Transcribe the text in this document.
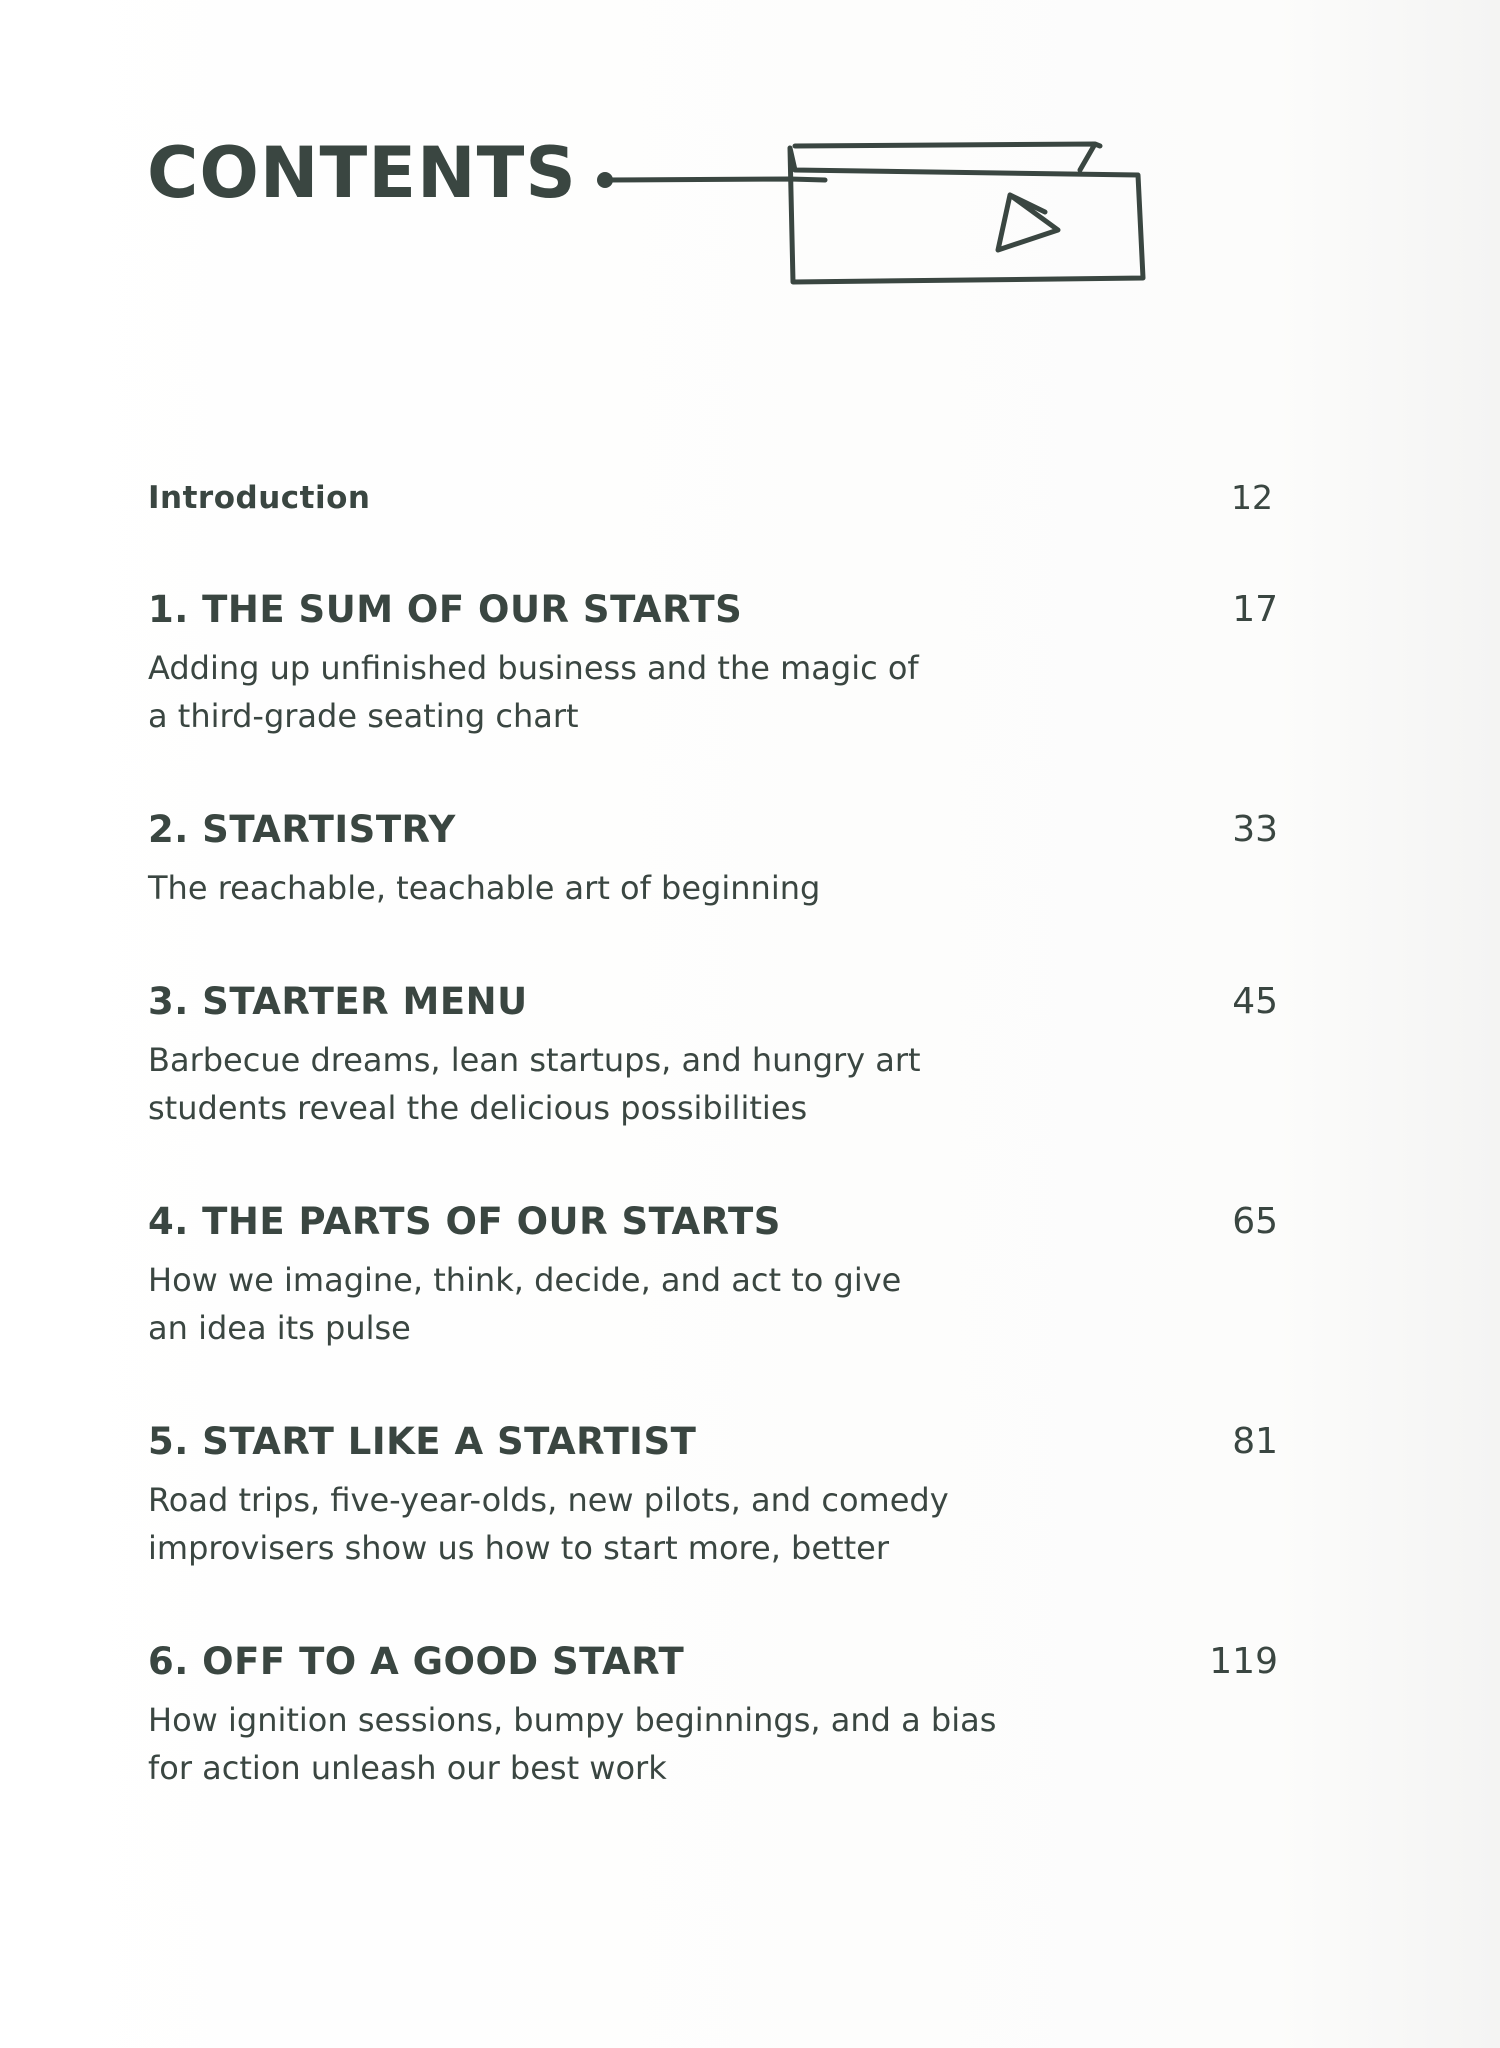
CONTENTS
Introduction	12
1. THE SUM OF OUR STARTS	17
Adding up unfinished business and the magic of
a third-grade seating chart
2. STARTISTRY	33
The reachable, teachable art of beginning
3. STARTER MENU	45
Barbecue dreams, lean startups, and hungry art
students reveal the delicious possibilities
4. THE PARTS OF OUR STARTS	65
How we imagine, think, decide, and act to give
an idea its pulse
5. START LIKE A STARTIST	81
Road trips, five-year-olds, new pilots, and comedy
improvisers show us how to start more, better
6. OFF TO A GOOD START	119
How ignition sessions, bumpy beginnings, and a bias
for action unleash our best work
